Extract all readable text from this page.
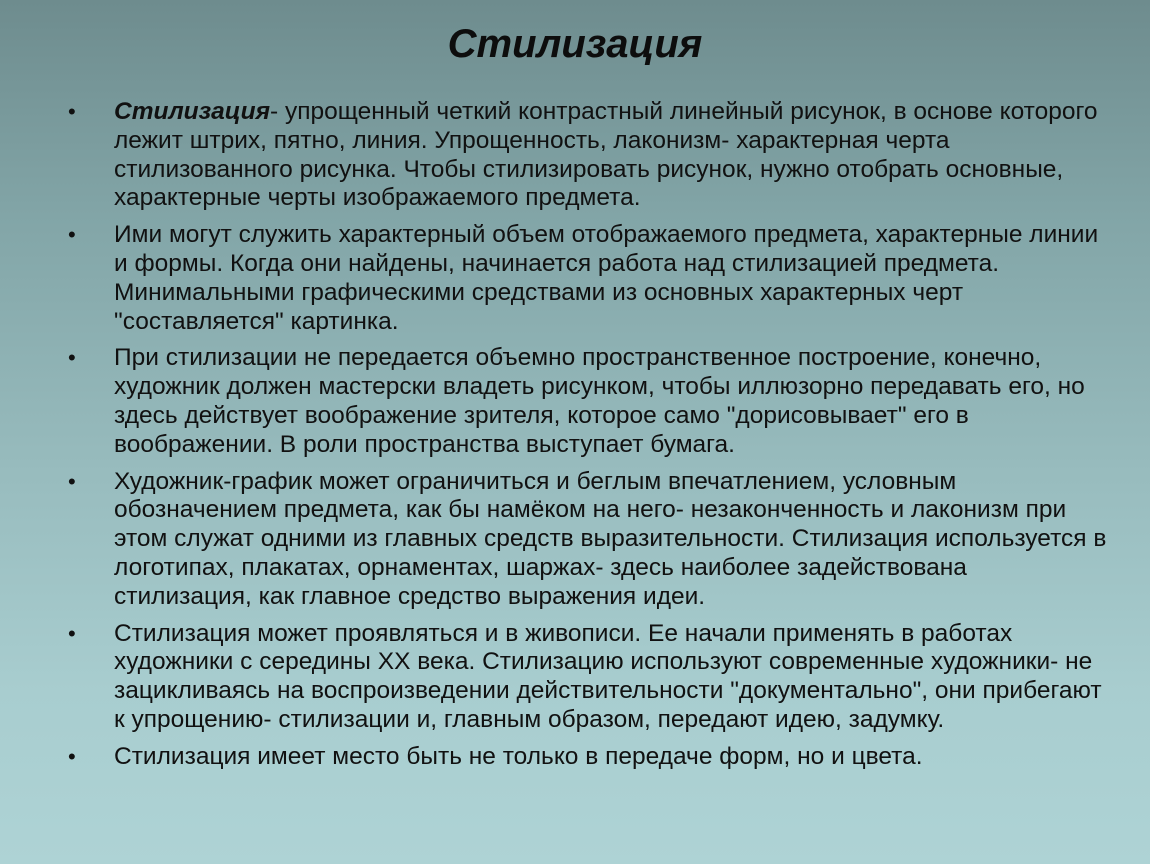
Стилизация
• Стилизация- упрощенный четкий контрастный линейный рисунок, в основе которого лежит штрих, пятно, линия. Упрощенность, лаконизм- характерная черта стилизованного рисунка. Чтобы стилизировать рисунок, нужно отобрать основные, характерные черты изображаемого предмета.
• Ими могут служить характерный объем отображаемого предмета, характерные линии и формы. Когда они найдены, начинается работа над стилизацией предмета. Минимальными графическими средствами из основных характерных черт "составляется" картинка.
• При стилизации не передается объемно пространственное построение, конечно, художник должен мастерски владеть рисунком, чтобы иллюзорно передавать его, но здесь действует воображение зрителя, которое само "дорисовывает" его в воображении. В роли пространства выступает бумага.
• Художник-график может ограничиться и беглым впечатлением, условным обозначением предмета, как бы намёком на него- незаконченность и лаконизм при этом служат одними из главных средств выразительности. Стилизация используется в логотипах, плакатах, орнаментах, шаржах- здесь наиболее задействована стилизация, как главное средство выражения идеи.
• Стилизация может проявляться и в живописи. Ее начали применять в работах художники с середины XX века. Стилизацию используют современные художники- не зацикливаясь на воспроизведении действительности "документально", они прибегают к упрощению- стилизации и, главным образом, передают идею, задумку.
• Стилизация имеет место быть не только в передаче форм, но и цвета.
